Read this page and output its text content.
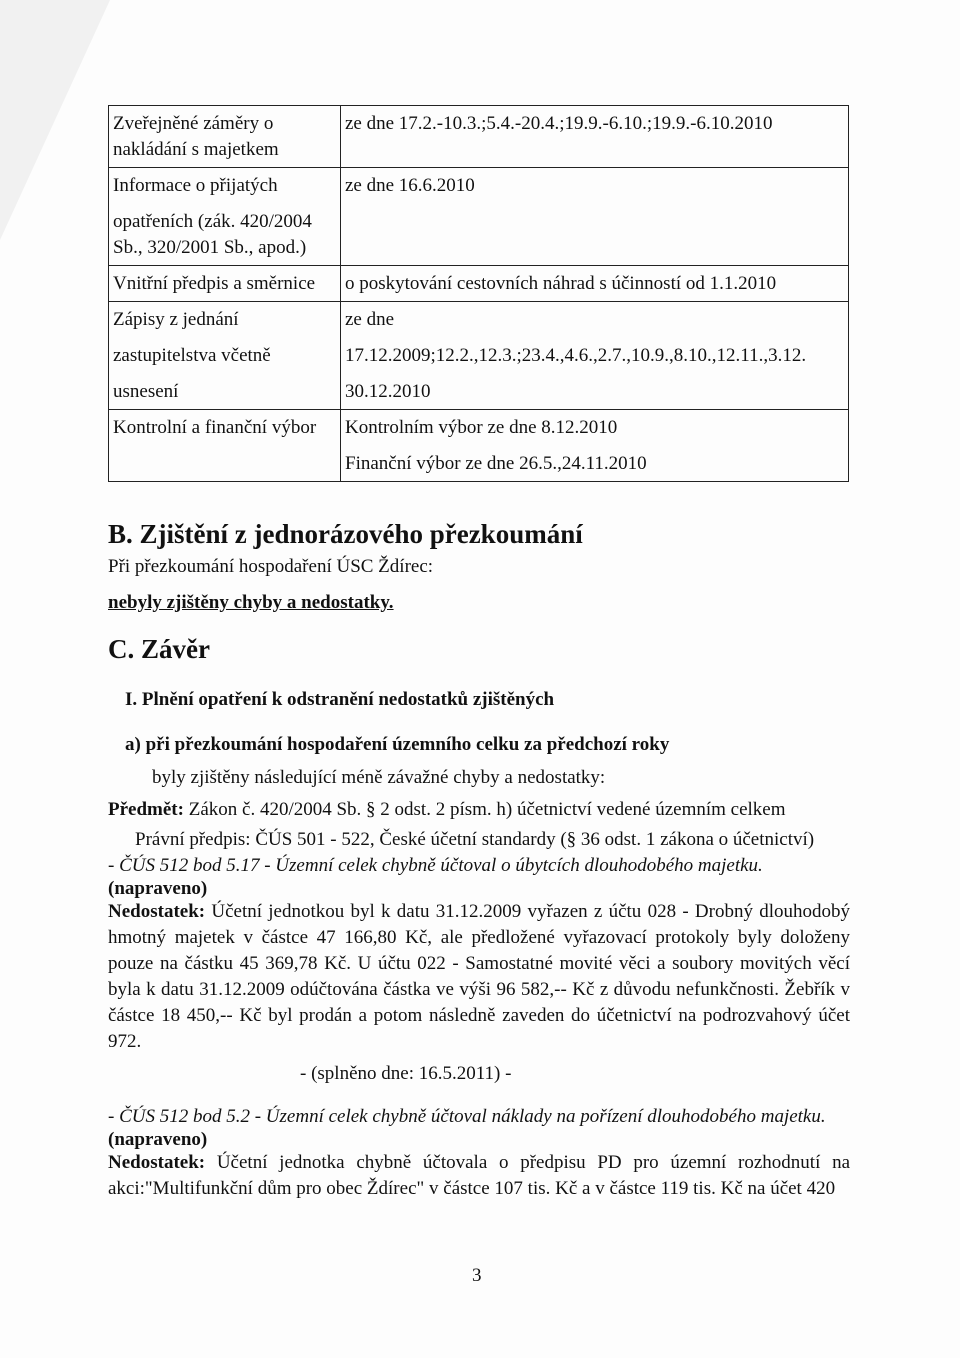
Zveřejněné záměry o
nakládání s majetkem	ze dne 17.2.-10.3.;5.4.-20.4.;19.9.-6.10.;19.9.-6.10.2010

Informace o přijatých
opatřeních (zák. 420/2004
Sb., 320/2001 Sb., apod.)	ze dne 16.6.2010

Vnitřní předpis a směrnice	o poskytování cestovních náhrad s účinností od 1.1.2010

Zápisy z jednání
zastupitelstva včetně
usnesení	ze dne
17.12.2009;12.2.,12.3.;23.4.,4.6.,2.7.,10.9.,8.10.,12.11.,3.12.
30.12.2010

Kontrolní a finanční výbor	Kontrolním výbor ze dne 8.12.2010
Finanční výbor ze dne 26.5.,24.11.2010
B. Zjištění z jednorázového přezkoumání
Při přezkoumání hospodaření ÚSC Ždírec:
nebyly zjištěny chyby a nedostatky.
C. Závěr
I. Plnění opatření k odstranění nedostatků zjištěných
a) při přezkoumání hospodaření územního celku za předchozí roky
byly zjištěny následující méně závažné chyby a nedostatky:
Předmět: Zákon č. 420/2004 Sb. § 2 odst. 2 písm. h) účetnictví vedené územním celkem
Právní předpis: ČÚS 501 - 522, České účetní standardy (§ 36 odst. 1 zákona o účetnictví)
- ČÚS 512 bod 5.17 - Územní celek chybně účtoval o úbytcích dlouhodobého majetku.
(napraveno)
Nedostatek: Účetní jednotkou byl k datu 31.12.2009 vyřazen z účtu 028 - Drobný dlouhodobý hmotný majetek v částce 47 166,80 Kč, ale předložené vyřazovací protokoly byly doloženy pouze na částku 45 369,78 Kč. U účtu 022 - Samostatné movité věci a soubory movitých věcí byla k datu 31.12.2009 odúčtována částka ve výši 96 582,-- Kč z důvodu nefunkčnosti. Žebřík v částce 18 450,-- Kč byl prodán a potom následně zaveden do účetnictví na podrozvahový účet 972.
- (splněno dne: 16.5.2011) -
- ČÚS 512 bod 5.2 - Územní celek chybně účtoval náklady na pořízení dlouhodobého majetku.
(napraveno)
Nedostatek: Účetní jednotka chybně účtovala o předpisu PD pro územní rozhodnutí na akci:"Multifunkční dům pro obec Ždírec" v částce 107 tis. Kč a v částce 119 tis. Kč na účet 420
3
